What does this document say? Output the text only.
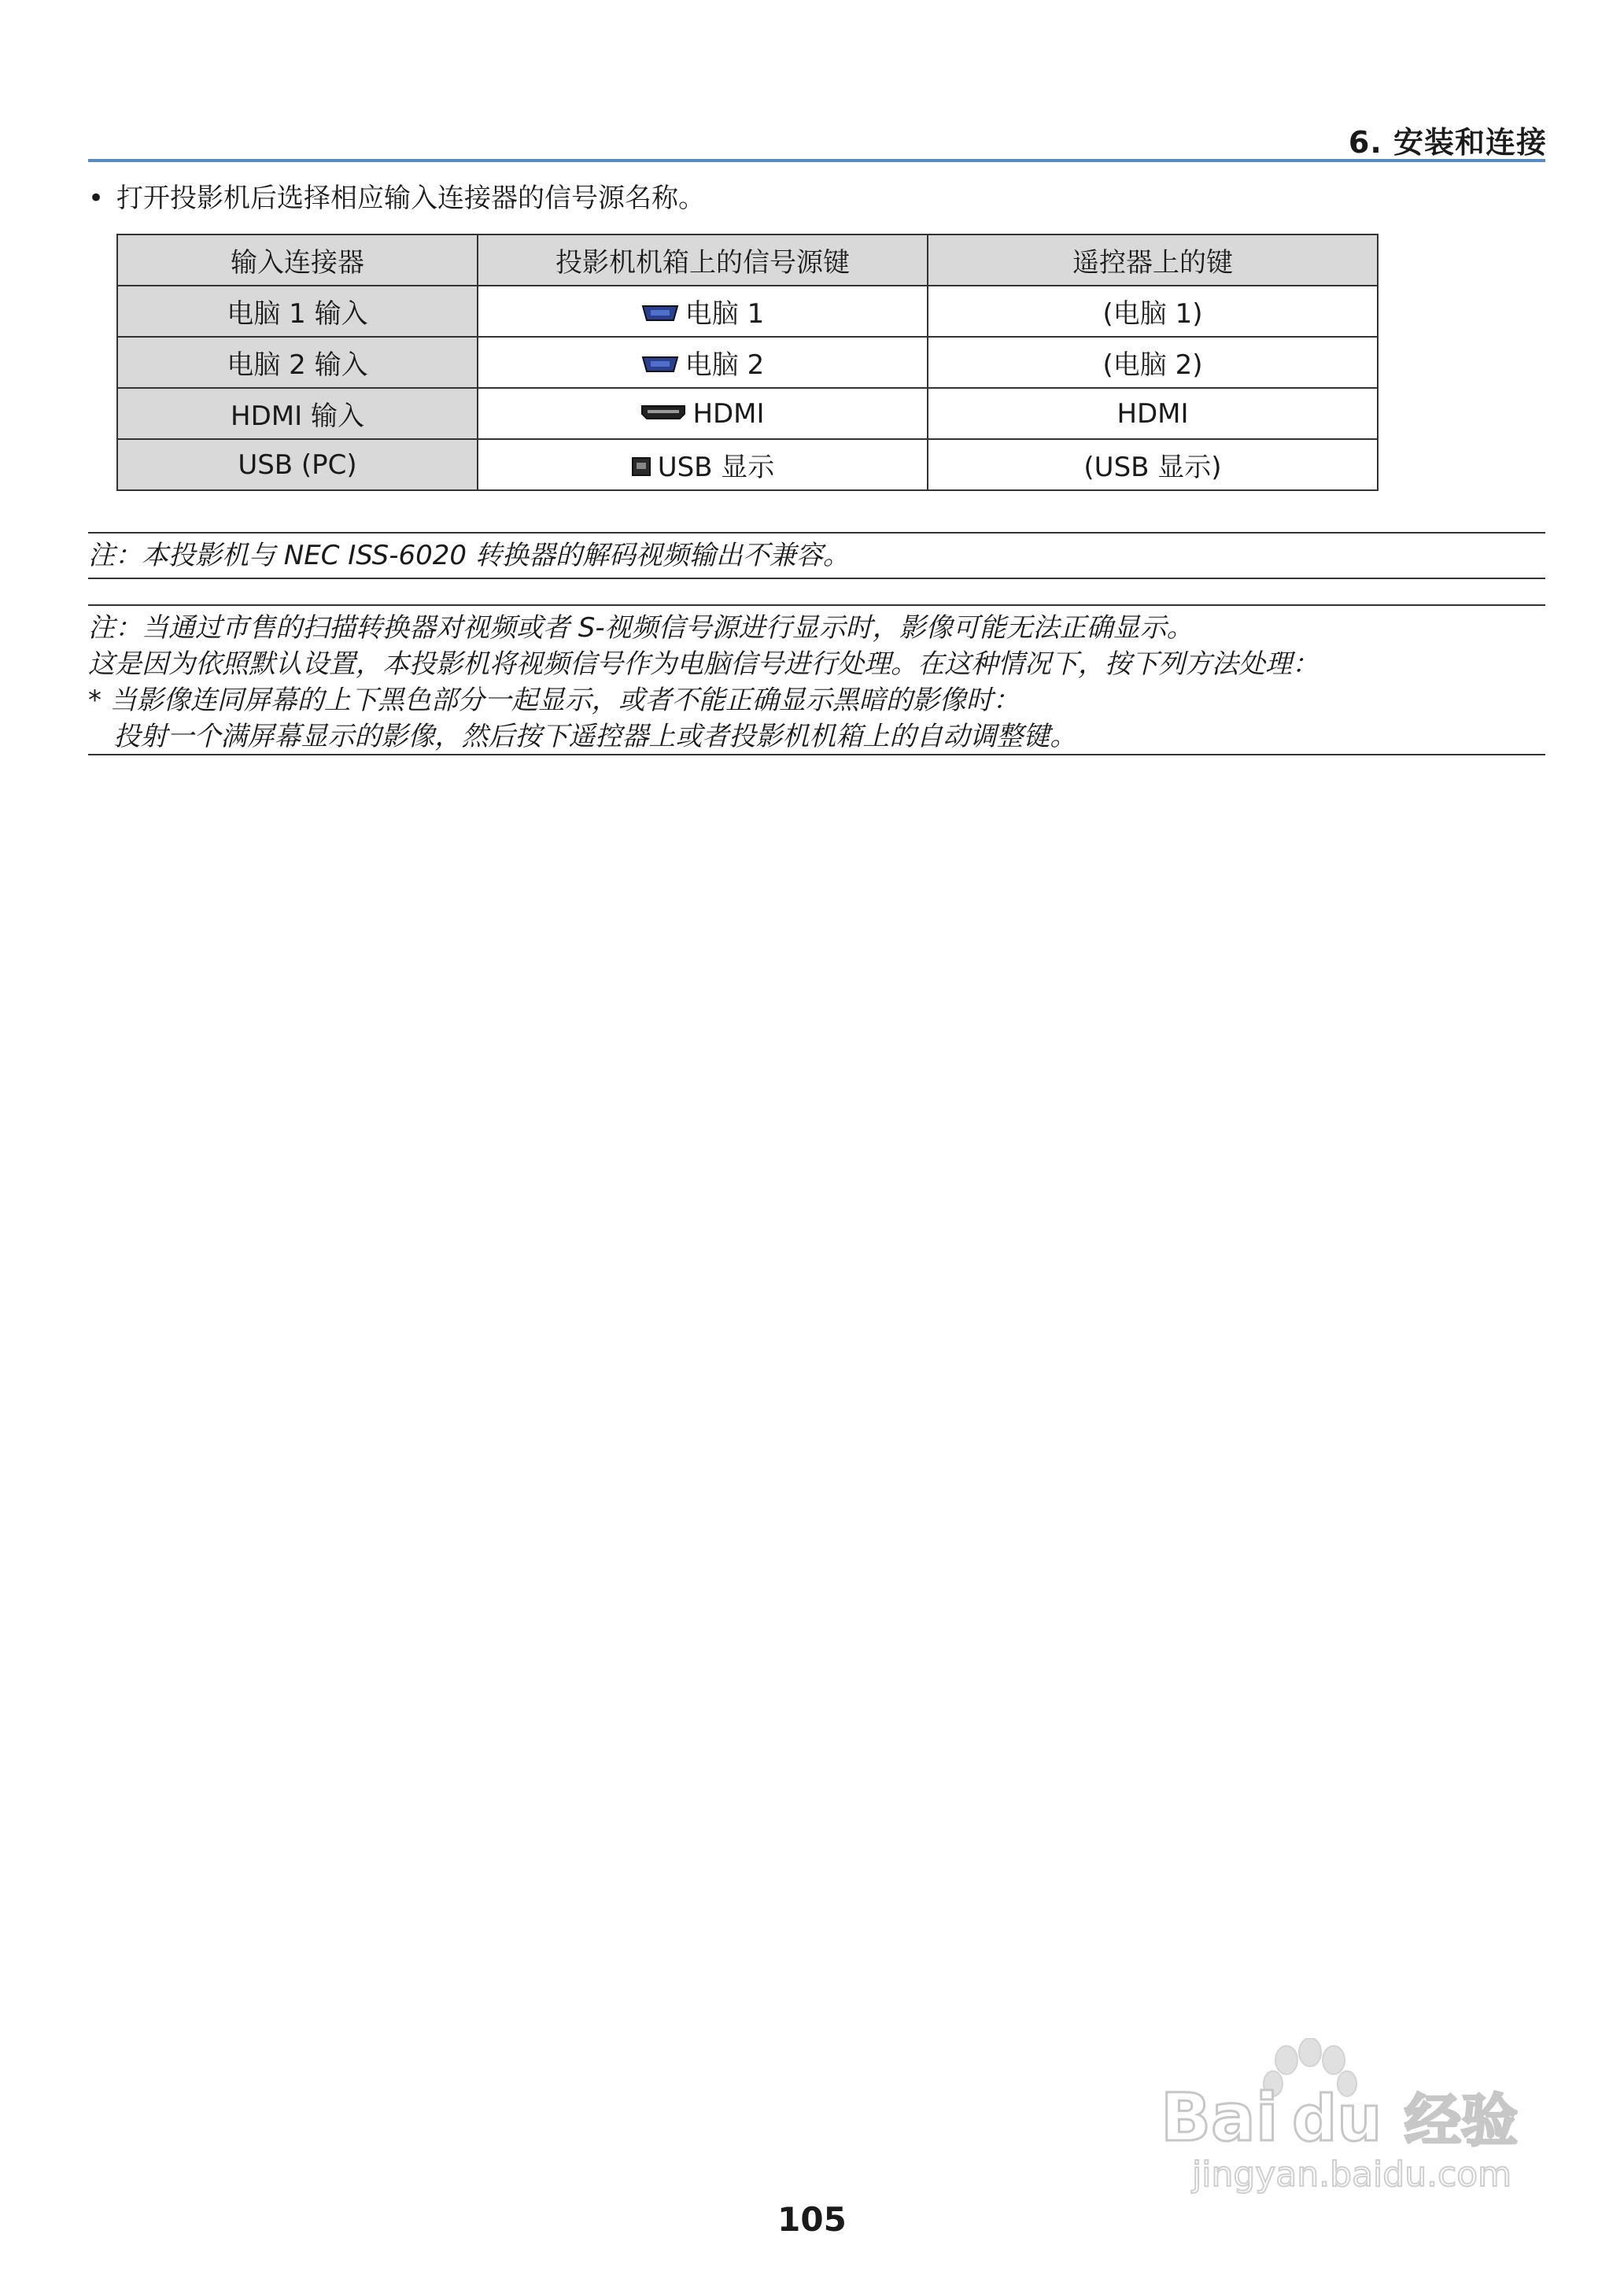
6. 安装和连接
• 打开投影机后选择相应输入连接器的信号源名称。
输入连接器	投影机机箱上的信号源键	遥控器上的键
电脑 1 输入	电脑 1	(电脑 1)
电脑 2 输入	电脑 2	(电脑 2)
HDMI 输入	HDMI	HDMI
USB (PC)	USB 显示	(USB 显示)
注：本投影机与 NEC ISS-6020 转换器的解码视频输出不兼容。
注：当通过市售的扫描转换器对视频或者 S-视频信号源进行显示时，影像可能无法正确显示。
这是因为依照默认设置，本投影机将视频信号作为电脑信号进行处理。在这种情况下，按下列方法处理：
* 当影像连同屏幕的上下黑色部分一起显示，或者不能正确显示黑暗的影像时：
投射一个满屏幕显示的影像，然后按下遥控器上或者投影机机箱上的自动调整键。
105
Bai du 经验
jingyan.baidu.com
